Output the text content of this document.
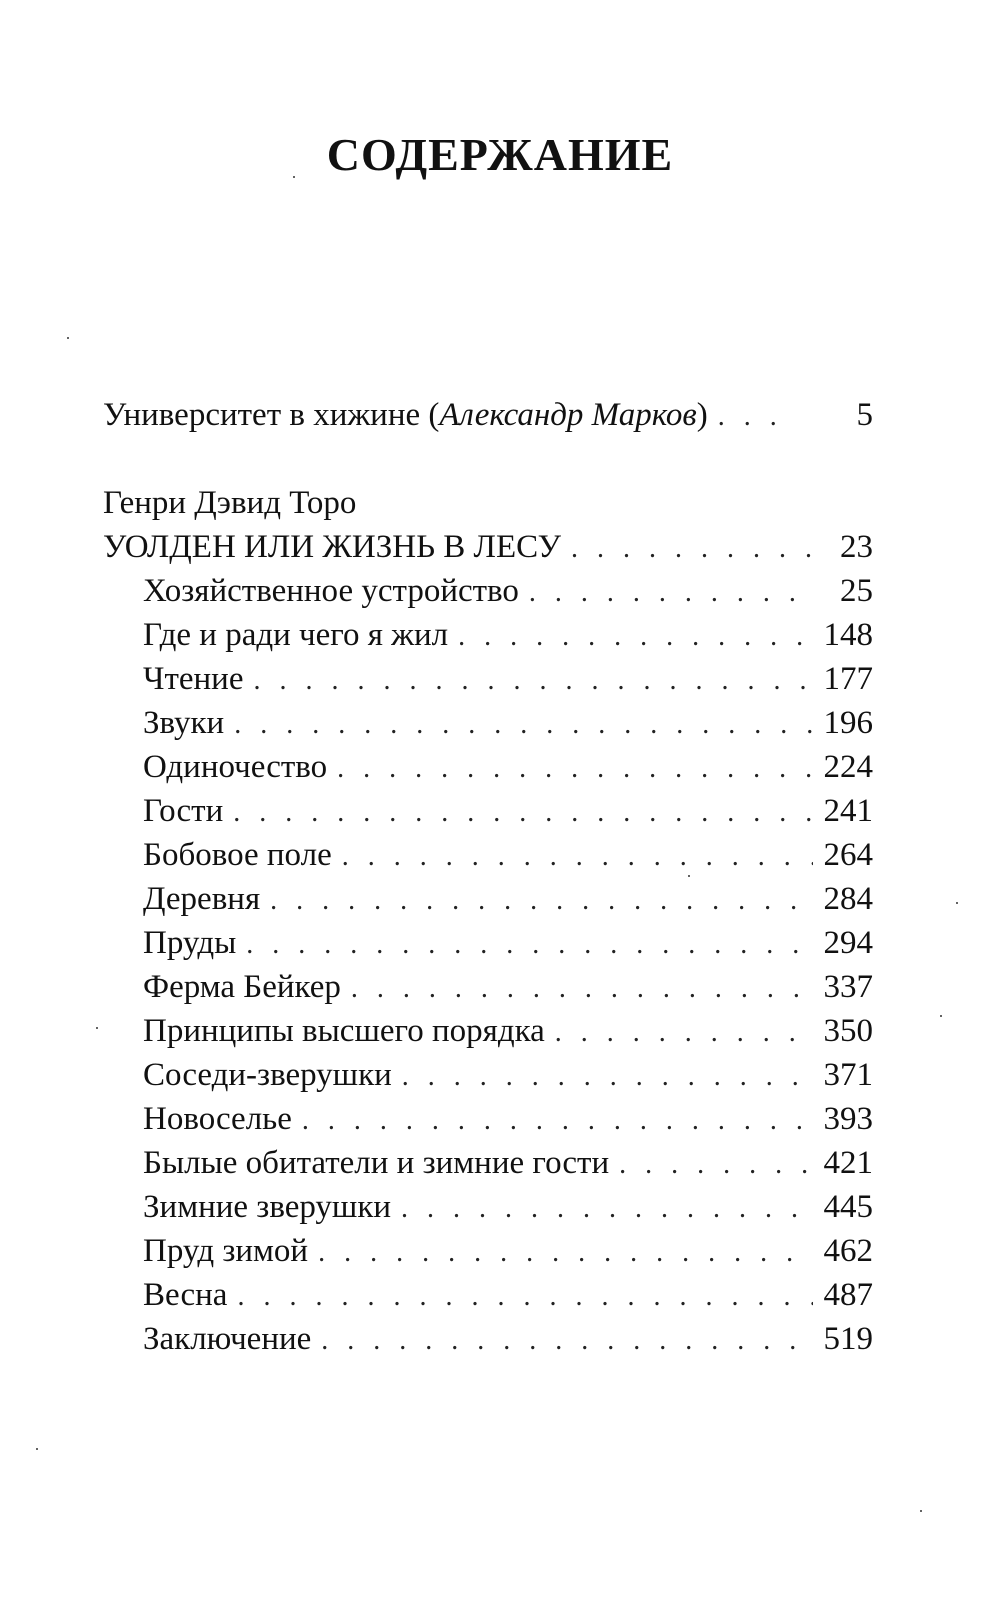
СОДЕРЖАНИЕ
Университет в хижине (Александр Марков) . . .	5
Генри Дэвид Торо
УОЛДЕН ИЛИ ЖИЗНЬ В ЛЕСУ . . .	23
Хозяйственное устройство . . .	25
Где и ради чего я жил . . .	148
Чтение . . .	177
Звуки . . .	196
Одиночество . . .	224
Гости . . .	241
Бобовое поле . . .	264
Деревня . . .	284
Пруды . . .	294
Ферма Бейкер . . .	337
Принципы высшего порядка . . .	350
Соседи-зверушки . . .	371
Новоселье . . .	393
Былые обитатели и зимние гости . . .	421
Зимние зверушки . . .	445
Пруд зимой . . .	462
Весна . . .	487
Заключение . . .	519
